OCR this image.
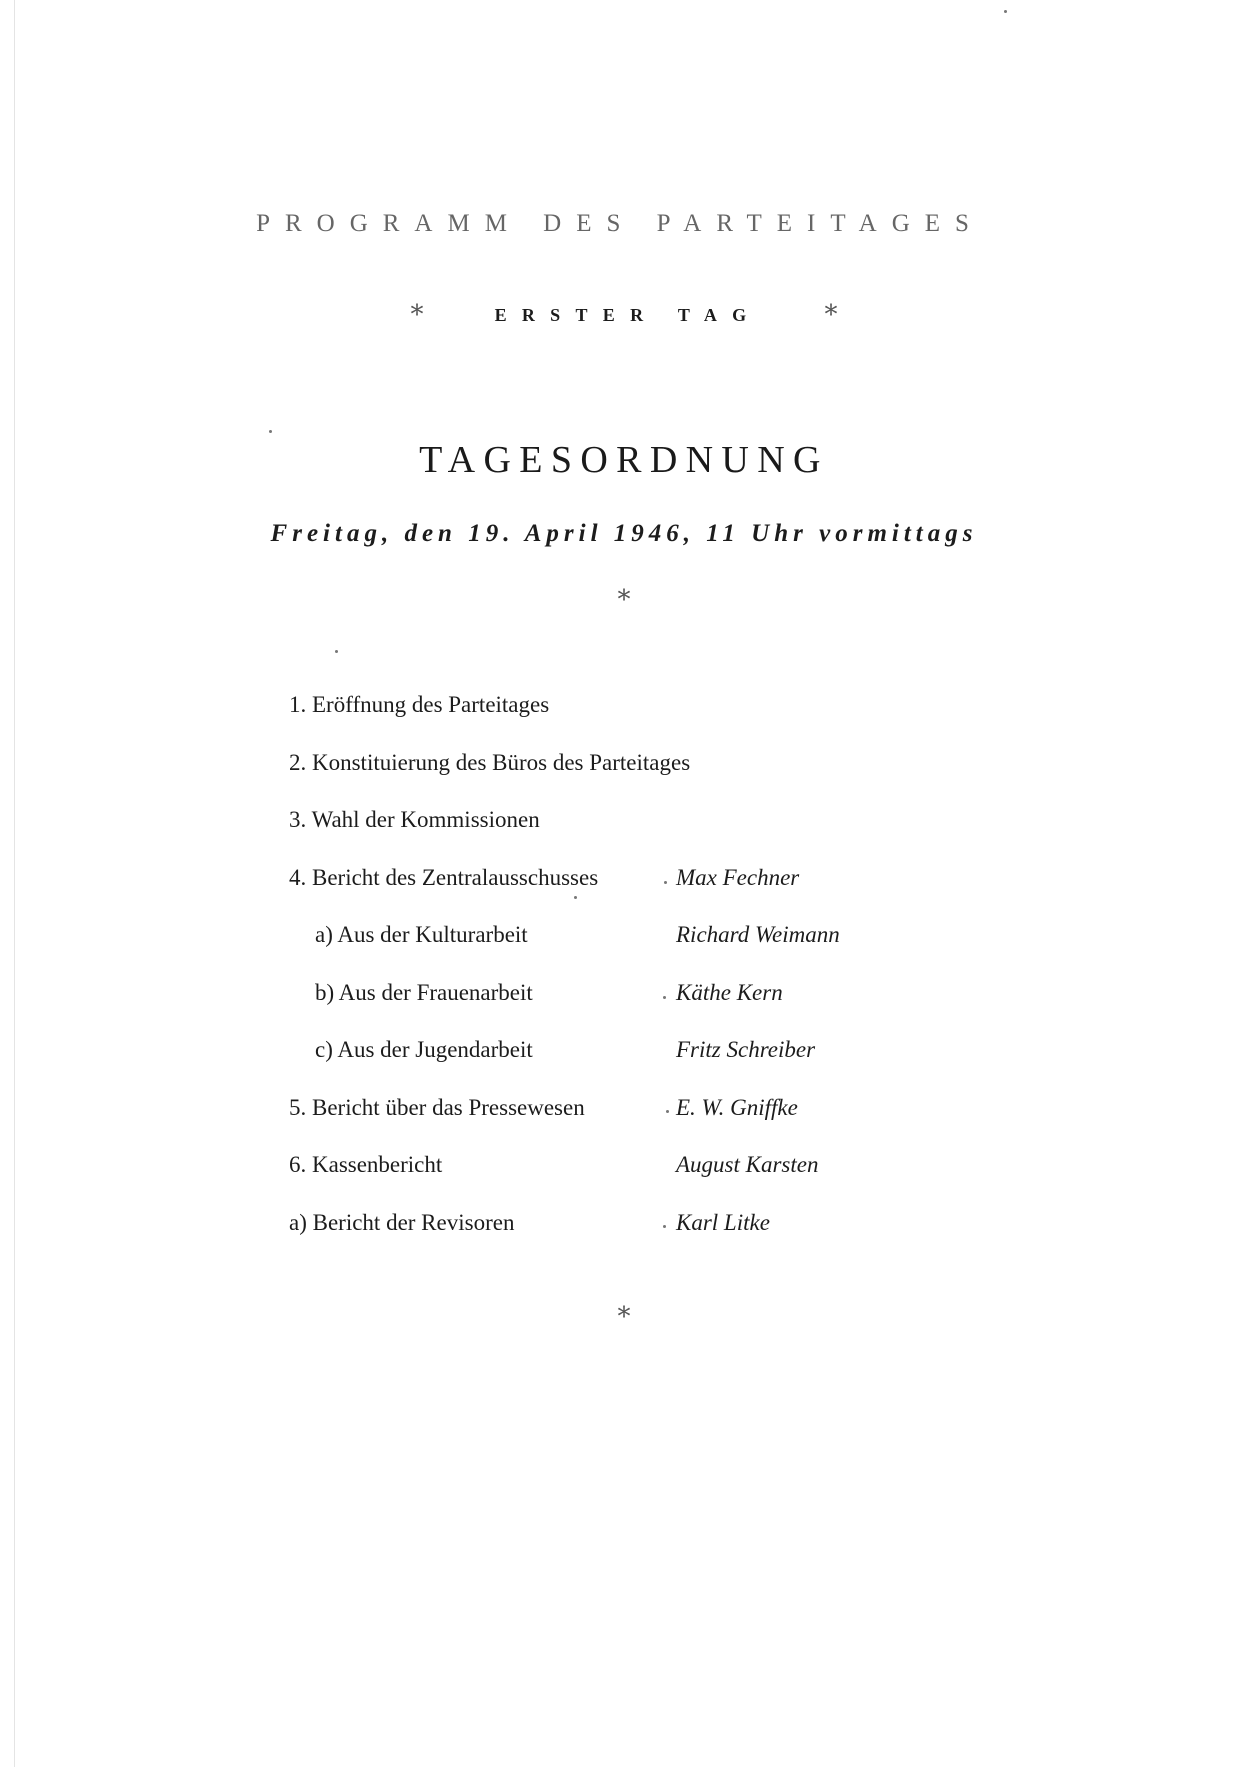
PROGRAMM DES PARTEITAGES
*	ERSTER TAG *
TAGESORDNUNG
Freitag, den 19. April 1946, 11 Uhr vormittags
*
1. Eröffnung des Parteitages
2. Konstituierung des Büros des Parteitages
3. Wahl der Kommissionen
4. Bericht des Zentralausschusses	Max Fechner
a) Aus der Kulturarbeit	Richard Weimann
b) Aus der Frauenarbeit	Käthe Kern
c) Aus der Jugendarbeit	Fritz Schreiber
5. Bericht über das Pressewesen	E. W. Gniffke
6. Kassenbericht	August Karsten
a) Bericht der Revisoren	Karl Litke
*
